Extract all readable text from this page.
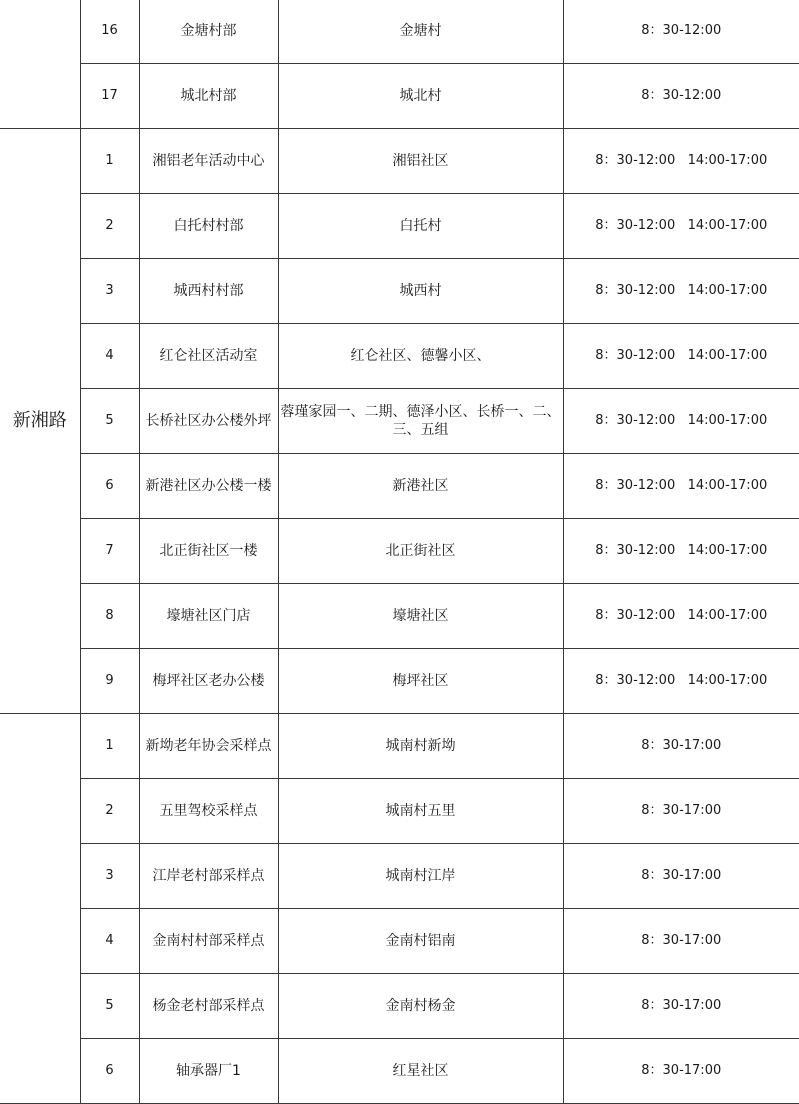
	16	金塘村部	金塘村	8：30-12:00
	17	城北村部	城北村	8：30-12:00
新湘路	1	湘铝老年活动中心	湘铝社区	8：30-12:00   14:00-17:00
	2	白托村村部	白托村	8：30-12:00   14:00-17:00
	3	城西村村部	城西村	8：30-12:00   14:00-17:00
	4	红仑社区活动室	红仑社区、德馨小区、	8：30-12:00   14:00-17:00
	5	长桥社区办公楼外坪	蓉瑾家园一、二期、德泽小区、长桥一、二、三、五组	8：30-12:00   14:00-17:00
	6	新港社区办公楼一楼	新港社区	8：30-12:00   14:00-17:00
	7	北正街社区一楼	北正街社区	8：30-12:00   14:00-17:00
	8	壕塘社区门店	壕塘社区	8：30-12:00   14:00-17:00
	9	梅坪社区老办公楼	梅坪社区	8：30-12:00   14:00-17:00
	1	新坳老年协会采样点	城南村新坳	8：30-17:00
	2	五里驾校采样点	城南村五里	8：30-17:00
	3	江岸老村部采样点	城南村江岸	8：30-17:00
	4	金南村村部采样点	金南村铝南	8：30-17:00
	5	杨金老村部采样点	金南村杨金	8：30-17:00
	6	轴承器厂1	红星社区	8：30-17:00
